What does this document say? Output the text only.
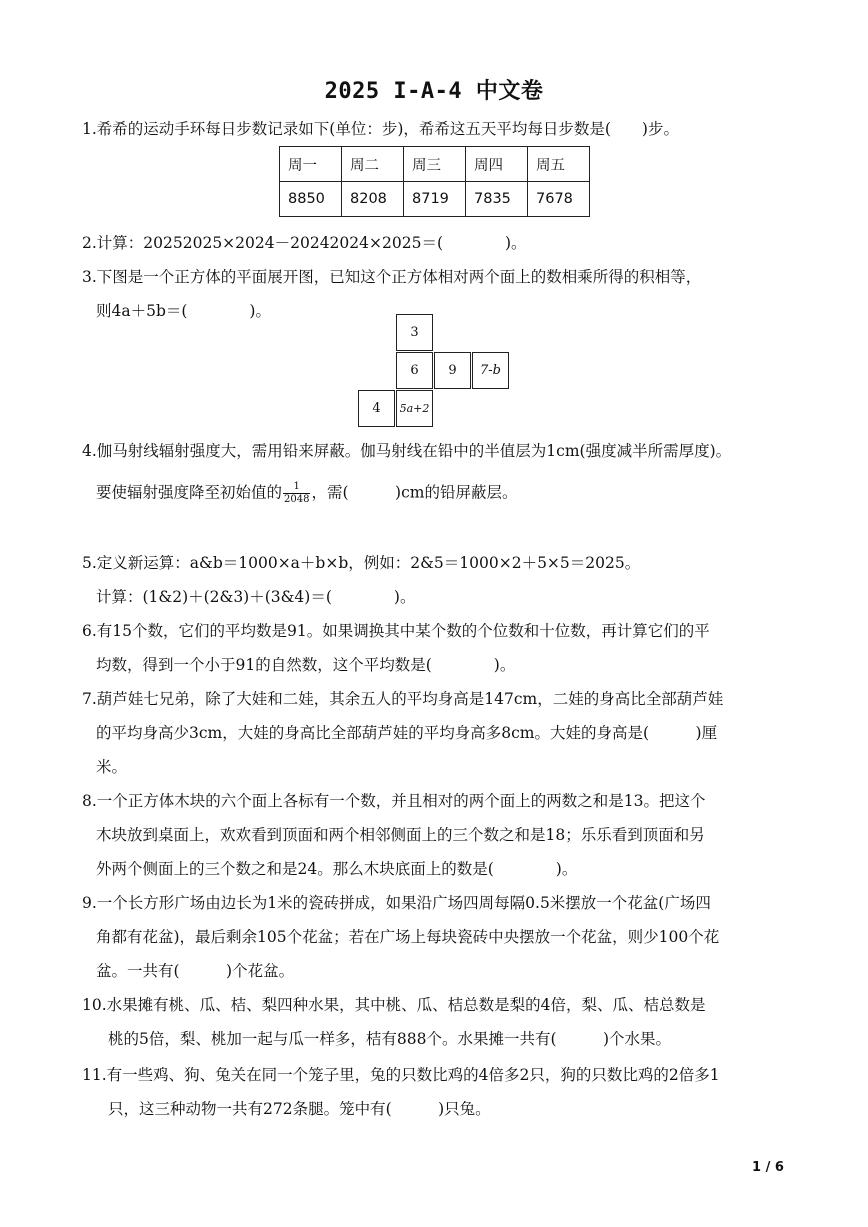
2025 I-A-4 中文卷
1.希希的运动手环每日步数记录如下(单位：步)，希希这五天平均每日步数是(　　)步。
周一	周二	周三	周四	周五
8850	8208	8719	7835	7678
2.计算：20252025×2024－20242024×2025＝(　　　　)。
3.下图是一个正方体的平面展开图，已知这个正方体相对两个面上的数相乘所得的积相等，
则4a＋5b＝(　　　　)。
3
6	9	7-b
4	5a+2
4.伽马射线辐射强度大，需用铅来屏蔽。伽马射线在铅中的半值层为1cm(强度减半所需厚度)。
要使辐射强度降至初始值的 $\frac{1}{2048}$ ，需(　　　)cm的铅屏蔽层。
5.定义新运算：a&b＝1000×a＋b×b，例如：2&5＝1000×2＋5×5＝2025。
计算：(1&2)＋(2&3)＋(3&4)＝(　　　　)。
6.有15个数，它们的平均数是91。如果调换其中某个数的个位数和十位数，再计算它们的平
均数，得到一个小于91的自然数，这个平均数是(　　　　)。
7.葫芦娃七兄弟，除了大娃和二娃，其余五人的平均身高是147cm，二娃的身高比全部葫芦娃
的平均身高少3cm，大娃的身高比全部葫芦娃的平均身高多8cm。大娃的身高是(　　　)厘
米。
8.一个正方体木块的六个面上各标有一个数，并且相对的两个面上的两数之和是13。把这个
木块放到桌面上，欢欢看到顶面和两个相邻侧面上的三个数之和是18；乐乐看到顶面和另
外两个侧面上的三个数之和是24。那么木块底面上的数是(　　　　)。
9.一个长方形广场由边长为1米的瓷砖拼成，如果沿广场四周每隔0.5米摆放一个花盆(广场四
角都有花盆)，最后剩余105个花盆；若在广场上每块瓷砖中央摆放一个花盆，则少100个花
盆。一共有(　　　)个花盆。
10.水果摊有桃、瓜、桔、梨四种水果，其中桃、瓜、桔总数是梨的4倍，梨、瓜、桔总数是
桃的5倍，梨、桃加一起与瓜一样多，桔有888个。水果摊一共有(　　　)个水果。
11.有一些鸡、狗、兔关在同一个笼子里，兔的只数比鸡的4倍多2只，狗的只数比鸡的2倍多1
只，这三种动物一共有272条腿。笼中有(　　　)只兔。
1 / 6
